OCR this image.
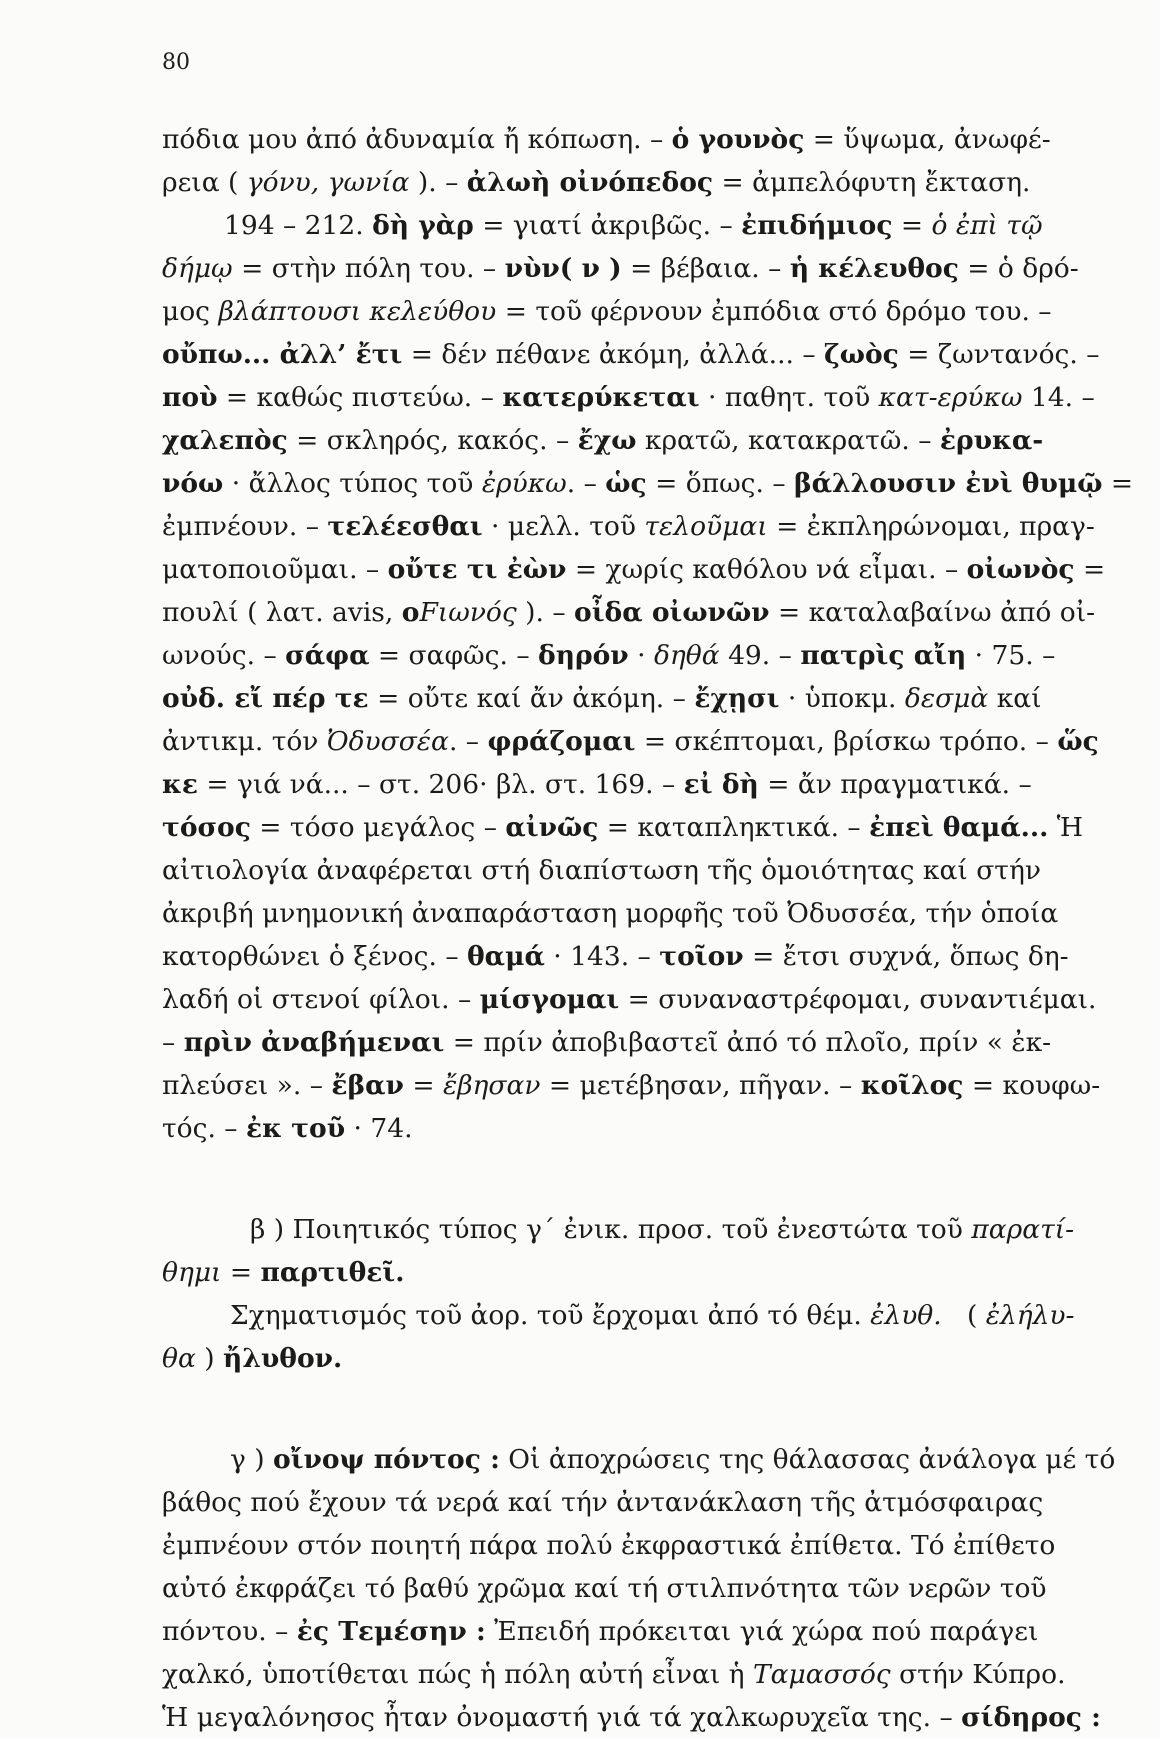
80
πόδια μου ἀπό ἀδυναμία ἤ κόπωση. – ὁ γουνὸς = ὕψωμα, ἀνωφέ-
ρεια ( γόνυ, γωνία ). – ἀλωὴ οἰνόπεδος = ἀμπελόφυτη ἔκταση.
194 – 212. δὴ γὰρ = γιατί ἀκριβῶς. – ἐπιδήμιος = ὁ ἐπὶ τῷ
δήμῳ = στὴν πόλη του. – νὺν( ν ) = βέβαια. – ἡ κέλευθος = ὁ δρό-
μος βλάπτουσι κελεύθου = τοῦ φέρνουν ἐμπόδια στό δρόμο του. –
οὔπω... ἀλλ’ ἔτι = δέν πέθανε ἀκόμη, ἀλλά... – ζωὸς = ζωντανός. –
ποὺ = καθώς πιστεύω. – κατερύκεται · παθητ. τοῦ κατ-ερύκω 14. –
χαλεπὸς = σκληρός, κακός. – ἔχω κρατῶ, κατακρατῶ. – ἐρυκα-
νόω · ἄλλος τύπος τοῦ ἐρύκω. – ὡς = ὅπως. – βάλλουσιν ἐνὶ θυμῷ =
ἐμπνέουν. – τελέεσθαι · μελλ. τοῦ τελοῦμαι = ἐκπληρώνομαι, πραγ-
ματοποιοῦμαι. – οὔτε τι ἐὼν = χωρίς καθόλου νά εἶμαι. – οἰωνὸς =
πουλί ( λατ. avis, οFιωνός ). – οἶδα οἰωνῶν = καταλαβαίνω ἀπό οἰ-
ωνούς. – σάφα = σαφῶς. – δηρόν · δηθά 49. – πατρὶς αἴη · 75. –
οὐδ. εἴ πέρ τε = οὔτε καί ἄν ἀκόμη. – ἔχῃσι · ὑποκμ. δεσμὰ καί
ἀντικμ. τόν Ὀδυσσέα. – φράζομαι = σκέπτομαι, βρίσκω τρόπο. – ὥς
κε = γιά νά... – στ. 206· βλ. στ. 169. – εἰ δὴ = ἄν πραγματικά. –
τόσος = τόσο μεγάλος – αἰνῶς = καταπληκτικά. – ἐπεὶ θαμά... Ἡ
αἰτιολογία ἀναφέρεται στή διαπίστωση τῆς ὁμοιότητας καί στήν
ἀκριβή μνημονική ἀναπαράσταση μορφῆς τοῦ Ὀδυσσέα, τήν ὁποία
κατορθώνει ὁ ξένος. – θαμά · 143. – τοῖον = ἔτσι συχνά, ὅπως δη-
λαδή οἱ στενοί φίλοι. – μίσγομαι = συναναστρέφομαι, συναντιέμαι.
– πρὶν ἀναβήμεναι = πρίν ἀποβιβαστεῖ ἀπό τό πλοῖο, πρίν « ἐκ-
πλεύσει ». – ἔβαν = ἔβησαν = μετέβησαν, πῆγαν. – κοῖλος = κουφω-
τός. – ἐκ τοῦ · 74.
β ) Ποιητικός τύπος γ΄ ἐνικ. προσ. τοῦ ἐνεστώτα τοῦ παρατί-
θημι = παρτιθεῖ.
Σχηματισμός τοῦ ἀορ. τοῦ ἔρχομαι ἀπό τό θέμ. ἐλυθ.   ( ἐλήλυ-
θα ) ἤλυθον.
γ ) οἴνοψ πόντος : Οἱ ἀποχρώσεις της θάλασσας ἀνάλογα μέ τό
βάθος πού ἔχουν τά νερά καί τήν ἀντανάκλαση τῆς ἀτμόσφαιρας
ἐμπνέουν στόν ποιητή πάρα πολύ ἐκφραστικά ἐπίθετα. Τό ἐπίθετο
αὐτό ἐκφράζει τό βαθύ χρῶμα καί τή στιλπνότητα τῶν νερῶν τοῦ
πόντου. – ἐς Τεμέσην : Ἐπειδή πρόκειται γιά χώρα πού παράγει
χαλκό, ὑποτίθεται πώς ἡ πόλη αὐτή εἶναι ἡ Ταμασσός στήν Κύπρο.
Ἡ μεγαλόνησος ἦταν ὀνομαστή γιά τά χαλκωρυχεῖα της. – σίδηρος :
